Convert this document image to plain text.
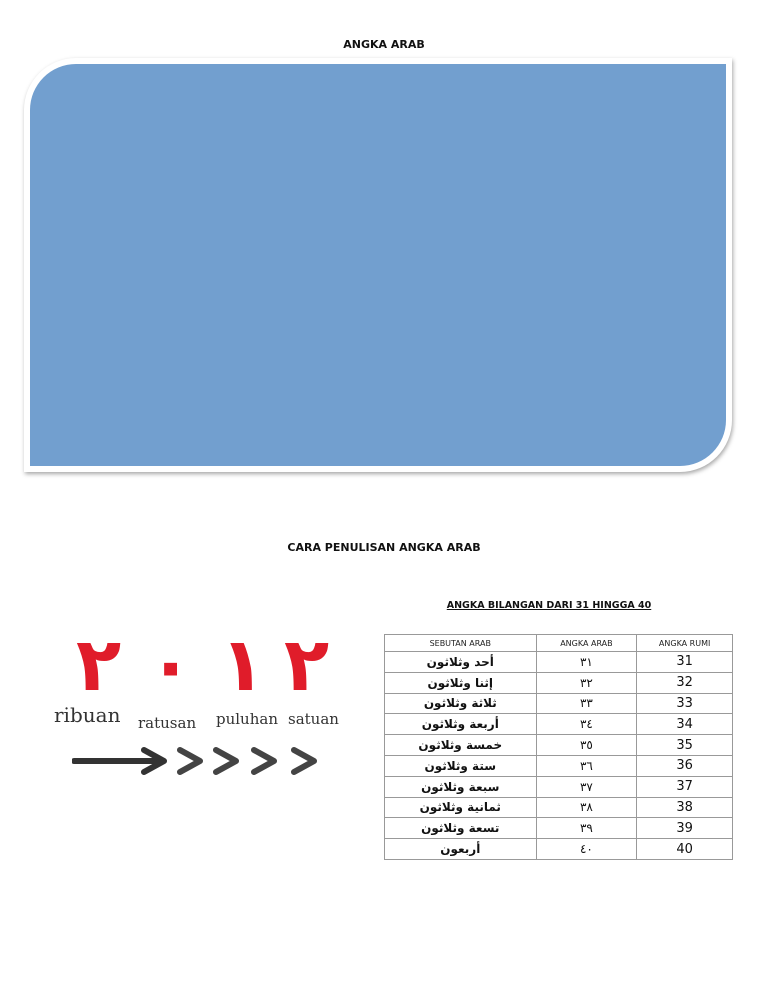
ANGKA ARAB
CARA PENULISAN ANGKA ARAB
٢ ٠ ١ ٢
ribuan ratusan puluhan satuan
ANGKA BILANGAN DARI 31 HINGGA 40
SEBUTAN ARAB	ANGKA ARAB	ANGKA RUMI
أحد وثلاثون	٣١	31
إثنا وثلاثون	٣٢	32
ثلاثة وثلاثون	٣٣	33
أربعة وثلاثون	٣٤	34
خمسة وثلاثون	٣٥	35
ستة وثلاثون	٣٦	36
سبعة وثلاثون	٣٧	37
ثمانية وثلاثون	٣٨	38
تسعة وثلاثون	٣٩	39
أربعون	٤٠	40
